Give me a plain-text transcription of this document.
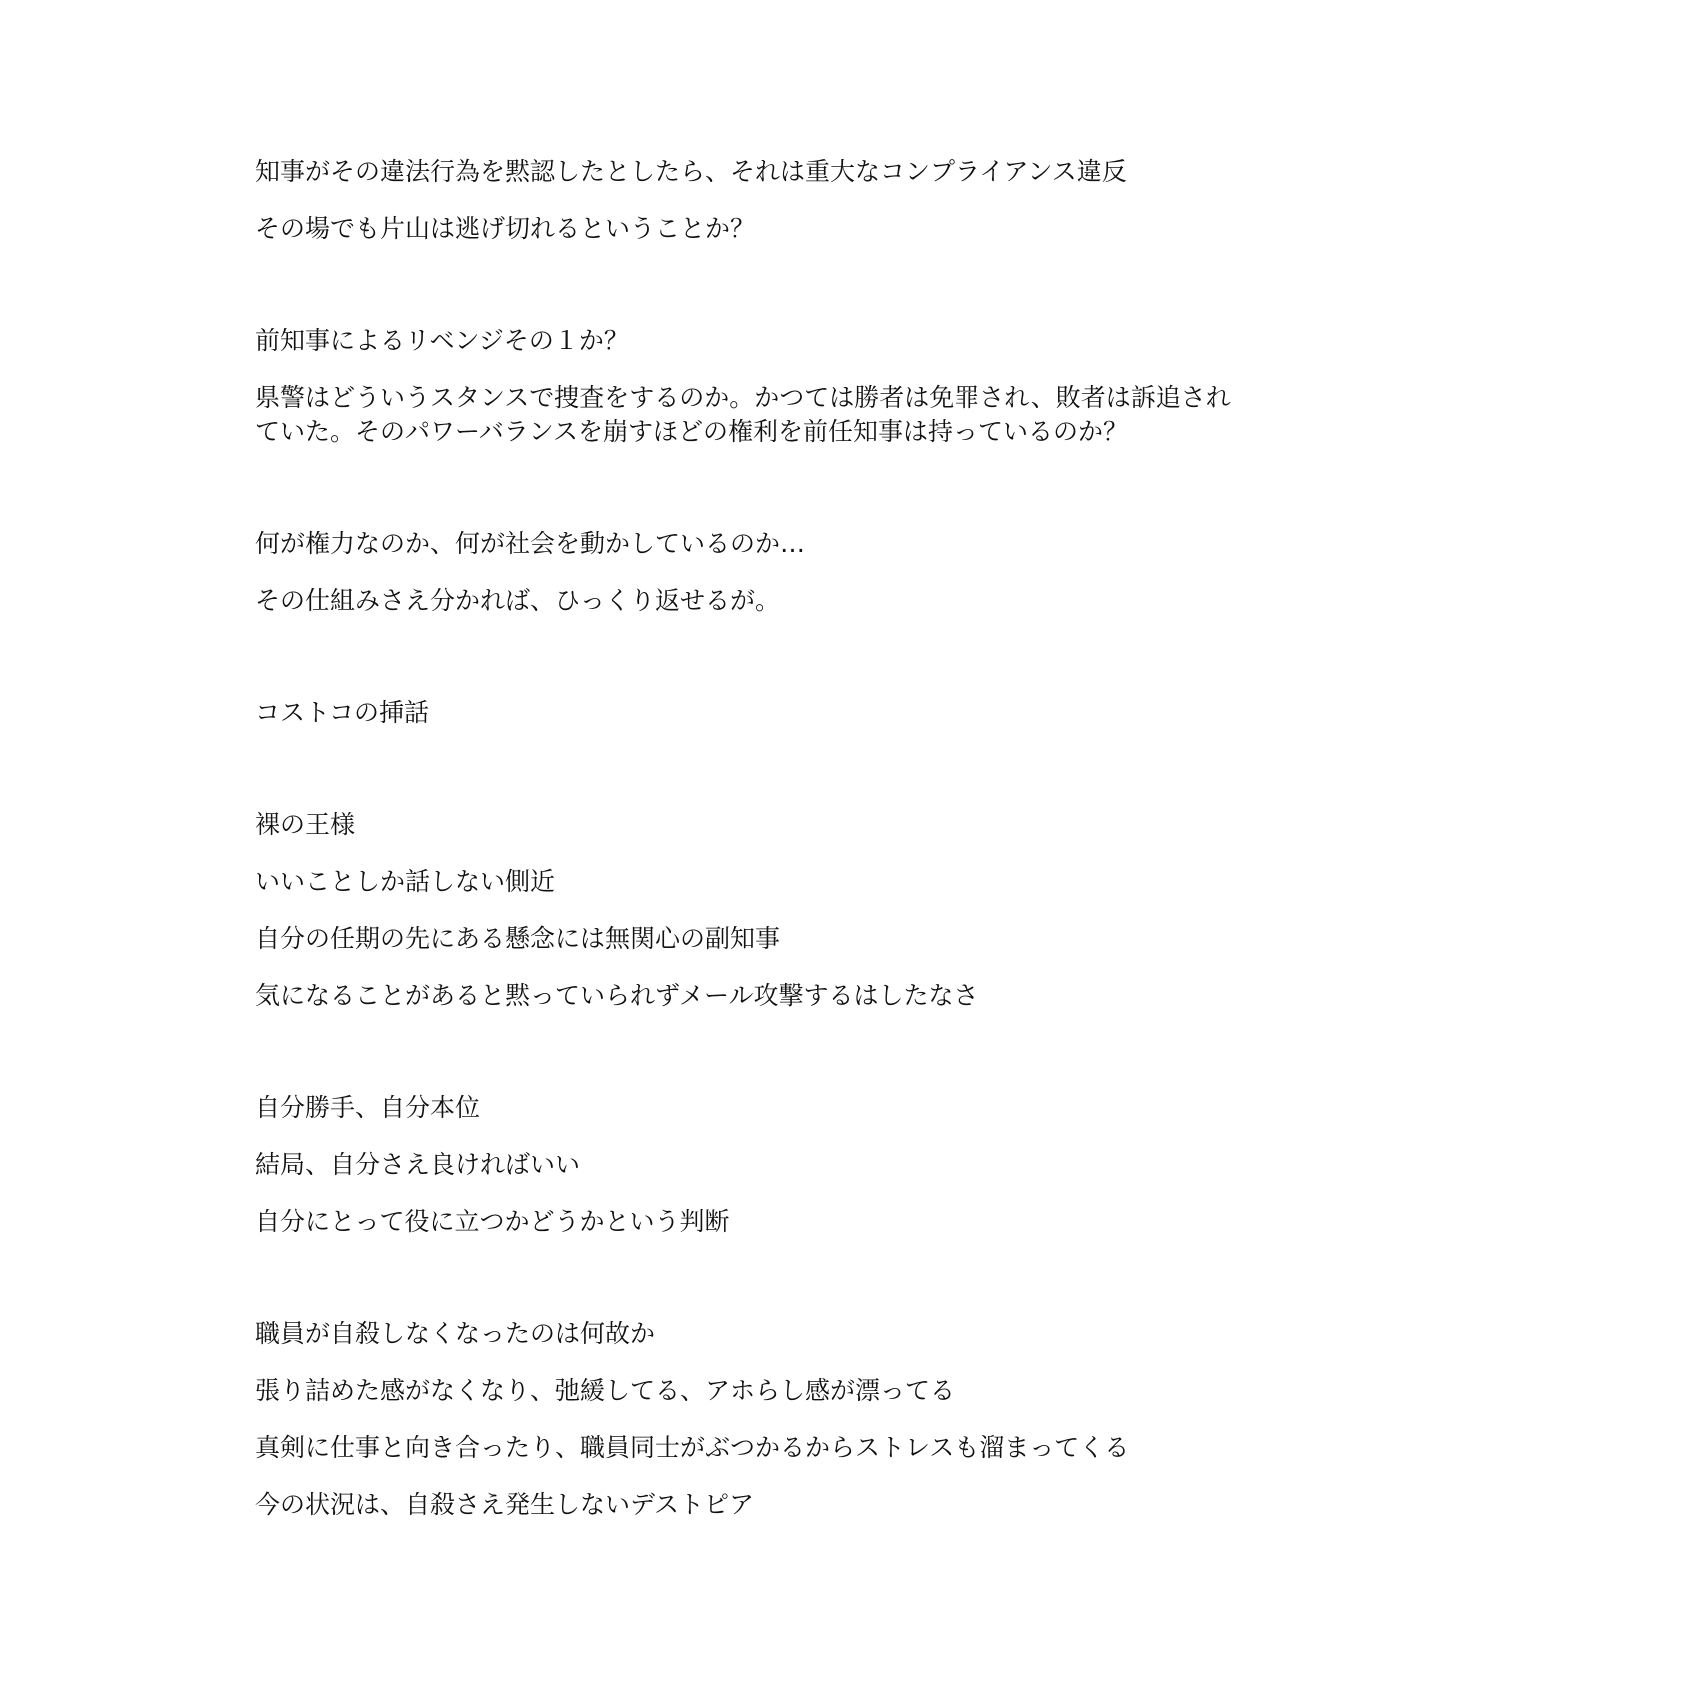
知事がその違法行為を黙認したとしたら、それは重大なコンプライアンス違反

その場でも片山は逃げ切れるということか？

前知事によるリベンジその１か？

県警はどういうスタンスで捜査をするのか。かつては勝者は免罪され、敗者は訴追され

ていた。そのパワーバランスを崩すほどの権利を前任知事は持っているのか？

何が権力なのか、何が社会を動かしているのか…

その仕組みさえ分かれば、ひっくり返せるが。

コストコの挿話

裸の王様

いいことしか話しない側近

自分の任期の先にある懸念には無関心の副知事

気になることがあると黙っていられずメール攻撃するはしたなさ

自分勝手、自分本位

結局、自分さえ良ければいい

自分にとって役に立つかどうかという判断

職員が自殺しなくなったのは何故か

張り詰めた感がなくなり、弛緩してる、アホらし感が漂ってる

真剣に仕事と向き合ったり、職員同士がぶつかるからストレスも溜まってくる

今の状況は、自殺さえ発生しないデストピア
